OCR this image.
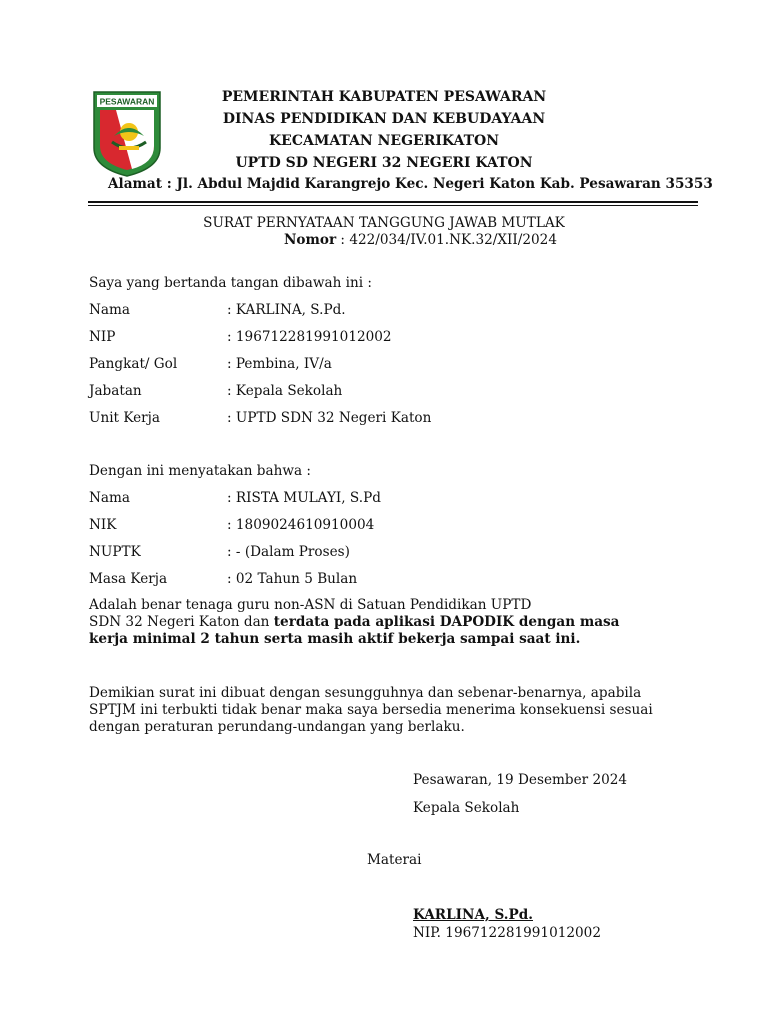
PESAWARAN	PEMERINTAH KABUPATEN PESAWARAN
DINAS PENDIDIKAN DAN KEBUDAYAAN
KECAMATAN NEGERIKATON
UPTD SD NEGERI 32 NEGERI KATON
Alamat : Jl. Abdul Majdid Karangrejo Kec. Negeri Katon Kab. Pesawaran 35353
SURAT PERNYATAAN TANGGUNG JAWAB MUTLAK
Nomor : 422/034/IV.01.NK.32/XII/2024
Saya yang bertanda tangan dibawah ini :
Nama	: KARLINA, S.Pd.
NIP	: 196712281991012002
Pangkat/ Gol	: Pembina, IV/a
Jabatan	: Kepala Sekolah
Unit Kerja	: UPTD SDN 32 Negeri Katon
Dengan ini menyatakan bahwa :
Nama	: RISTA MULAYI, S.Pd
NIK	: 1809024610910004
NUPTK	: - (Dalam Proses)
Masa Kerja	: 02 Tahun 5 Bulan
Adalah benar tenaga guru non-ASN di Satuan Pendidikan UPTD
SDN 32 Negeri Katon dan terdata pada aplikasi DAPODIK dengan masa
kerja minimal 2 tahun serta masih aktif bekerja sampai saat ini.
Demikian surat ini dibuat dengan sesungguhnya dan sebenar-benarnya, apabila
SPTJM ini terbukti tidak benar maka saya bersedia menerima konsekuensi sesuai
dengan peraturan perundang-undangan yang berlaku.
Pesawaran, 19 Desember 2024
Kepala Sekolah
Materai
KARLINA, S.Pd.
NIP. 196712281991012002
